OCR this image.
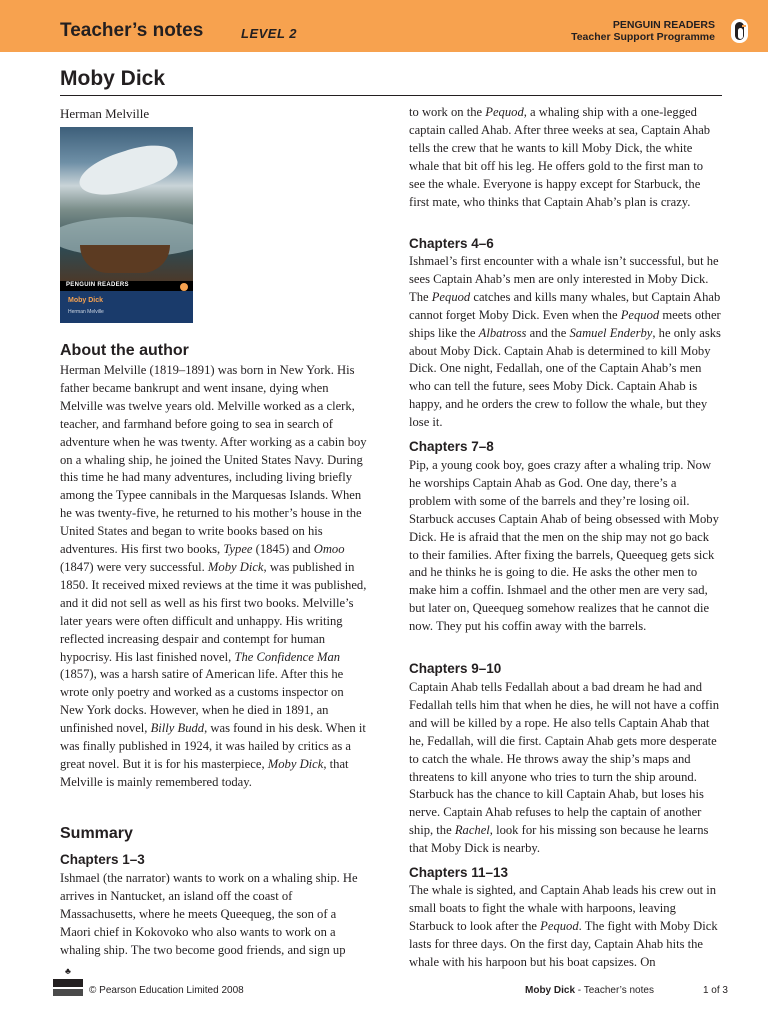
Teacher’s notes	LEVEL 2
PENGUIN READERS
Teacher Support Programme
Moby Dick
Herman Melville
PENGUIN READERS
Moby Dick
Herman Melville
About the author

Herman Melville (1819–1891) was born in New York. His father became bankrupt and went insane, dying when Melville was twelve years old. Melville worked as a clerk, teacher, and farmhand before going to sea in search of adventure when he was twenty. After working as a cabin boy on a whaling ship, he joined the United States Navy. During this time he had many adventures, including living briefly among the Typee cannibals in the Marquesas Islands. When he was twenty-five, he returned to his mother’s house in the United States and began to write books based on his adventures. His first two books, Typee (1845) and Omoo (1847) were very successful. Moby Dick, was published in 1850. It received mixed reviews at the time it was published, and it did not sell as well as his first two books. Melville’s later years were often difficult and unhappy. His writing reflected increasing despair and contempt for human hypocrisy. His last finished novel, The Confidence Man (1857), was a harsh satire of American life. After this he wrote only poetry and worked as a customs inspector on New York docks. However, when he died in 1891, an unfinished novel, Billy Budd, was found in his desk. When it was finally published in 1924, it was hailed by critics as a great novel. But it is for his masterpiece, Moby Dick, that Melville is mainly remembered today.

Summary
Chapters 1–3

Ishmael (the narrator) wants to work on a whaling ship. He arrives in Nantucket, an island off the coast of Massachusetts, where he meets Queequeg, the son of a Maori chief in Kokovoko who also wants to work on a whaling ship. The two become good friends, and sign up

to work on the Pequod, a whaling ship with a one-legged captain called Ahab. After three weeks at sea, Captain Ahab tells the crew that he wants to kill Moby Dick, the white whale that bit off his leg. He offers gold to the first man to see the whale. Everyone is happy except for Starbuck, the first mate, who thinks that Captain Ahab’s plan is crazy.

Chapters 4–6

Ishmael’s first encounter with a whale isn’t successful, but he sees Captain Ahab’s men are only interested in Moby Dick. The Pequod catches and kills many whales, but Captain Ahab cannot forget Moby Dick. Even when the Pequod meets other ships like the Albatross and the Samuel Enderby, he only asks about Moby Dick. Captain Ahab is determined to kill Moby Dick. One night, Fedallah, one of the Captain Ahab’s men who can tell the future, sees Moby Dick. Captain Ahab is happy, and he orders the crew to follow the whale, but they lose it.

Chapters 7–8

Pip, a young cook boy, goes crazy after a whaling trip. Now he worships Captain Ahab as God. One day, there’s a problem with some of the barrels and they’re losing oil. Starbuck accuses Captain Ahab of being obsessed with Moby Dick. He is afraid that the men on the ship may not go back to their families. After fixing the barrels, Queequeg gets sick and he thinks he is going to die. He asks the other men to make him a coffin. Ishmael and the other men are very sad, but later on, Queequeg somehow realizes that he cannot die now. They put his coffin away with the barrels.

Chapters 9–10

Captain Ahab tells Fedallah about a bad dream he had and Fedallah tells him that when he dies, he will not have a coffin and will be killed by a rope. He also tells Captain Ahab that he, Fedallah, will die first. Captain Ahab gets more desperate to catch the whale. He throws away the ship’s maps and threatens to kill anyone who tries to turn the ship around. Starbuck has the chance to kill Captain Ahab, but loses his nerve. Captain Ahab refuses to help the captain of another ship, the Rachel, look for his missing son because he learns that Moby Dick is nearby.

Chapters 11–13

The whale is sighted, and Captain Ahab leads his crew out in small boats to fight the whale with harpoons, leaving Starbuck to look after the Pequod. The fight with Moby Dick lasts for three days. On the first day, Captain Ahab hits the whale with his harpoon but his boat capsizes. On

♣
© Pearson Education Limited 2008	Moby Dick - Teacher’s notes	1 of 3
